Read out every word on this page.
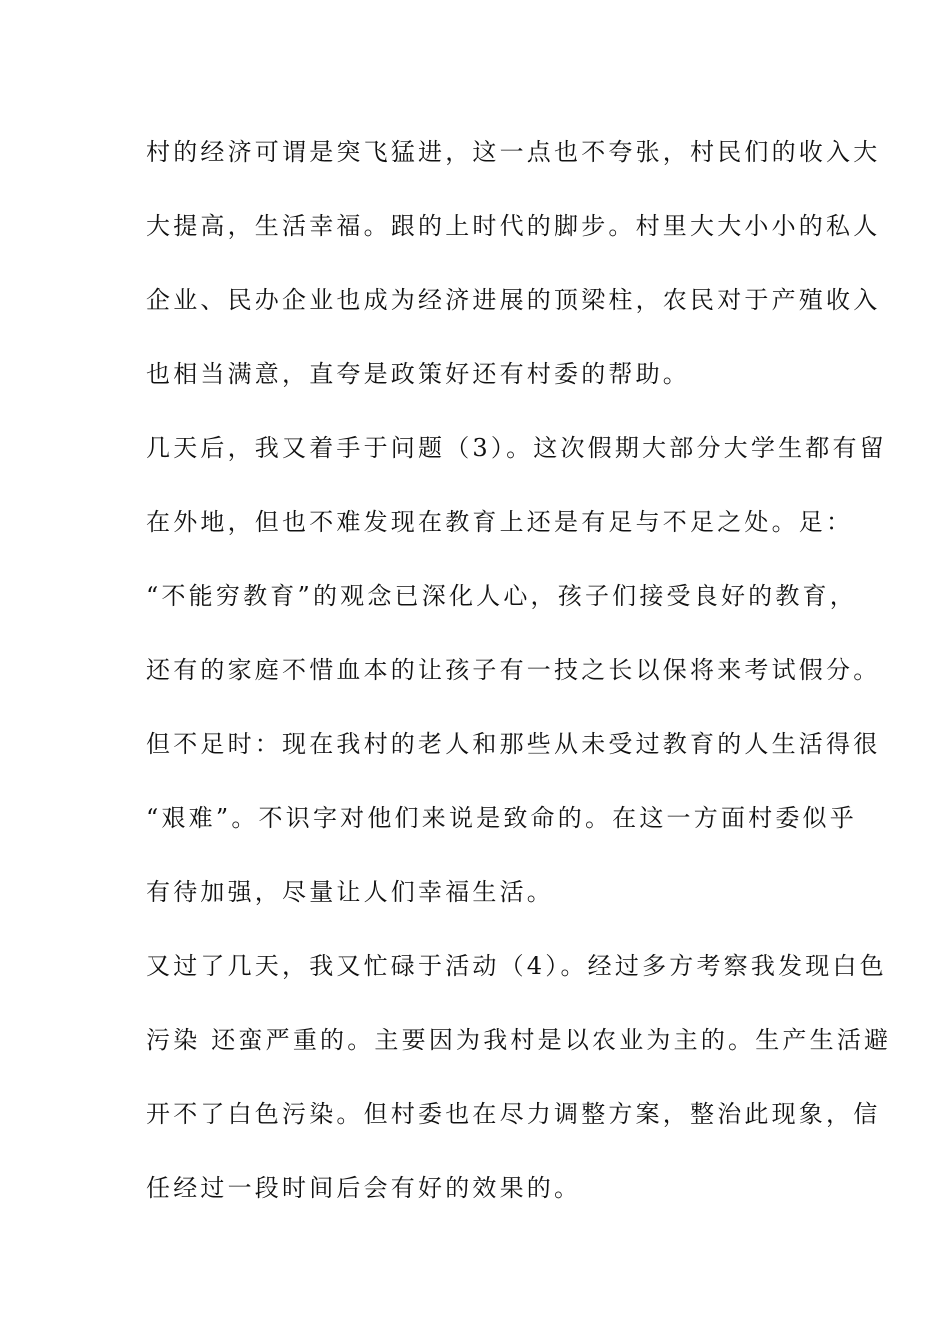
村的经济可谓是突飞猛进，这一点也不夸张，村民们的收入大
大提高，生活幸福。跟的上时代的脚步。村里大大小小的私人
企业、民办企业也成为经济进展的顶梁柱，农民对于产殖收入
也相当满意，直夸是政策好还有村委的帮助。
几天后，我又着手于问题（3）。这次假期大部分大学生都有留
在外地，但也不难发现在教育上还是有足与不足之处。足：
“不能穷教育”的观念已深化人心，孩子们接受良好的教育，
还有的家庭不惜血本的让孩子有一技之长以保将来考试假分。
但不足时：现在我村的老人和那些从未受过教育的人生活得很
“艰难”。不识字对他们来说是致命的。在这一方面村委似乎
有待加强，尽量让人们幸福生活。
又过了几天，我又忙碌于活动（4）。经过多方考察我发现白色
污染 还蛮严重的。主要因为我村是以农业为主的。生产生活避
开不了白色污染。但村委也在尽力调整方案，整治此现象，信
任经过一段时间后会有好的效果的。
